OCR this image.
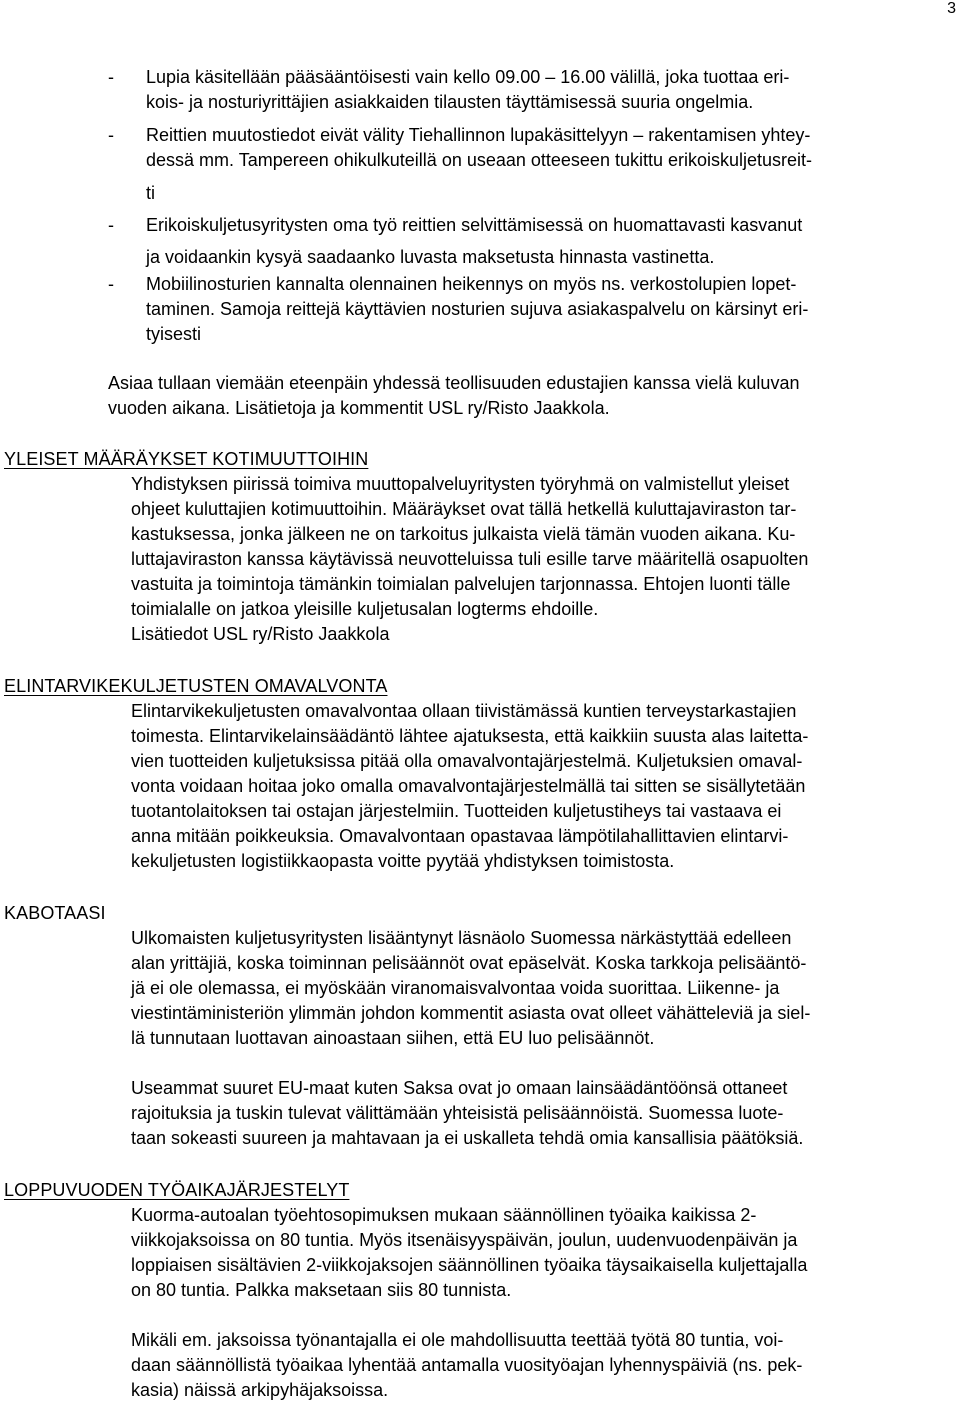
3
- Lupia käsitellään pääsääntöisesti vain kello 09.00 – 16.00 välillä, joka tuottaa eri-
kois- ja nosturiyrittäjien asiakkaiden tilausten täyttämisessä suuria ongelmia.
- Reittien muutostiedot eivät välity Tiehallinnon lupakäsittelyyn – rakentamisen yhtey-
dessä mm. Tampereen ohikulkuteillä on useaan otteeseen tukittu erikoiskuljetusreit-
ti
- Erikoiskuljetusyritysten oma työ reittien selvittämisessä on huomattavasti kasvanut
ja voidaankin kysyä saadaanko luvasta maksetusta hinnasta vastinetta.
- Mobiilinosturien kannalta olennainen heikennys on myös ns. verkostolupien lopet-
taminen. Samoja reittejä käyttävien nosturien sujuva asiakaspalvelu on kärsinyt eri-
tyisesti
Asiaa tullaan viemään eteenpäin yhdessä teollisuuden edustajien kanssa vielä kuluvan
vuoden aikana. Lisätietoja ja kommentit USL ry/Risto Jaakkola.
YLEISET MÄÄRÄYKSET KOTIMUUTTOIHIN
Yhdistyksen piirissä toimiva muuttopalveluyritysten työryhmä on valmistellut yleiset
ohjeet kuluttajien kotimuuttoihin. Määräykset ovat tällä hetkellä kuluttajaviraston tar-
kastuksessa, jonka jälkeen ne on tarkoitus julkaista vielä tämän vuoden aikana. Ku-
luttajaviraston kanssa käytävissä neuvotteluissa tuli esille tarve määritellä osapuolten
vastuita ja toimintoja tämänkin toimialan palvelujen tarjonnassa. Ehtojen luonti tälle
toimialalle on jatkoa yleisille kuljetusalan logterms ehdoille.
Lisätiedot USL ry/Risto Jaakkola
ELINTARVIKEKULJETUSTEN OMAVALVONTA
Elintarvikekuljetusten omavalvontaa ollaan tiivistämässä kuntien terveystarkastajien
toimesta. Elintarvikelainsäädäntö lähtee ajatuksesta, että kaikkiin suusta alas laitetta-
vien tuotteiden kuljetuksissa pitää olla omavalvontajärjestelmä. Kuljetuksien omaval-
vonta voidaan hoitaa joko omalla omavalvontajärjestelmällä tai sitten se sisällytetään
tuotantolaitoksen tai ostajan järjestelmiin. Tuotteiden kuljetustiheys tai vastaava ei
anna mitään poikkeuksia. Omavalvontaan opastavaa lämpötilahallittavien elintarvi-
kekuljetusten logistiikkaopasta voitte pyytää yhdistyksen toimistosta.
KABOTAASI
Ulkomaisten kuljetusyritysten lisääntynyt läsnäolo Suomessa närkästyttää edelleen
alan yrittäjiä, koska toiminnan pelisäännöt ovat epäselvät. Koska tarkkoja pelisääntö-
jä ei ole olemassa, ei myöskään viranomaisvalvontaa voida suorittaa. Liikenne- ja
viestintäministeriön ylimmän johdon kommentit asiasta ovat olleet vähätteleviä ja siel-
lä tunnutaan luottavan ainoastaan siihen, että EU luo pelisäännöt.
Useammat suuret EU-maat kuten Saksa ovat jo omaan lainsäädäntöönsä ottaneet
rajoituksia ja tuskin tulevat välittämään yhteisistä pelisäännöistä. Suomessa luote-
taan sokeasti suureen ja mahtavaan ja ei uskalleta tehdä omia kansallisia päätöksiä.
LOPPUVUODEN TYÖAIKAJÄRJESTELYT
Kuorma-autoalan työehtosopimuksen mukaan säännöllinen työaika kaikissa 2-
viikkojaksoissa on 80 tuntia. Myös itsenäisyyspäivän, joulun, uudenvuodenpäivän ja
loppiaisen sisältävien 2-viikkojaksojen säännöllinen työaika täysaikaisella kuljettajalla
on 80 tuntia. Palkka maksetaan siis 80 tunnista.
Mikäli em. jaksoissa työnantajalla ei ole mahdollisuutta teettää työtä 80 tuntia, voi-
daan säännöllistä työaikaa lyhentää antamalla vuosityöajan lyhennyspäiviä (ns. pek-
kasia) näissä arkipyhäjaksoissa.
